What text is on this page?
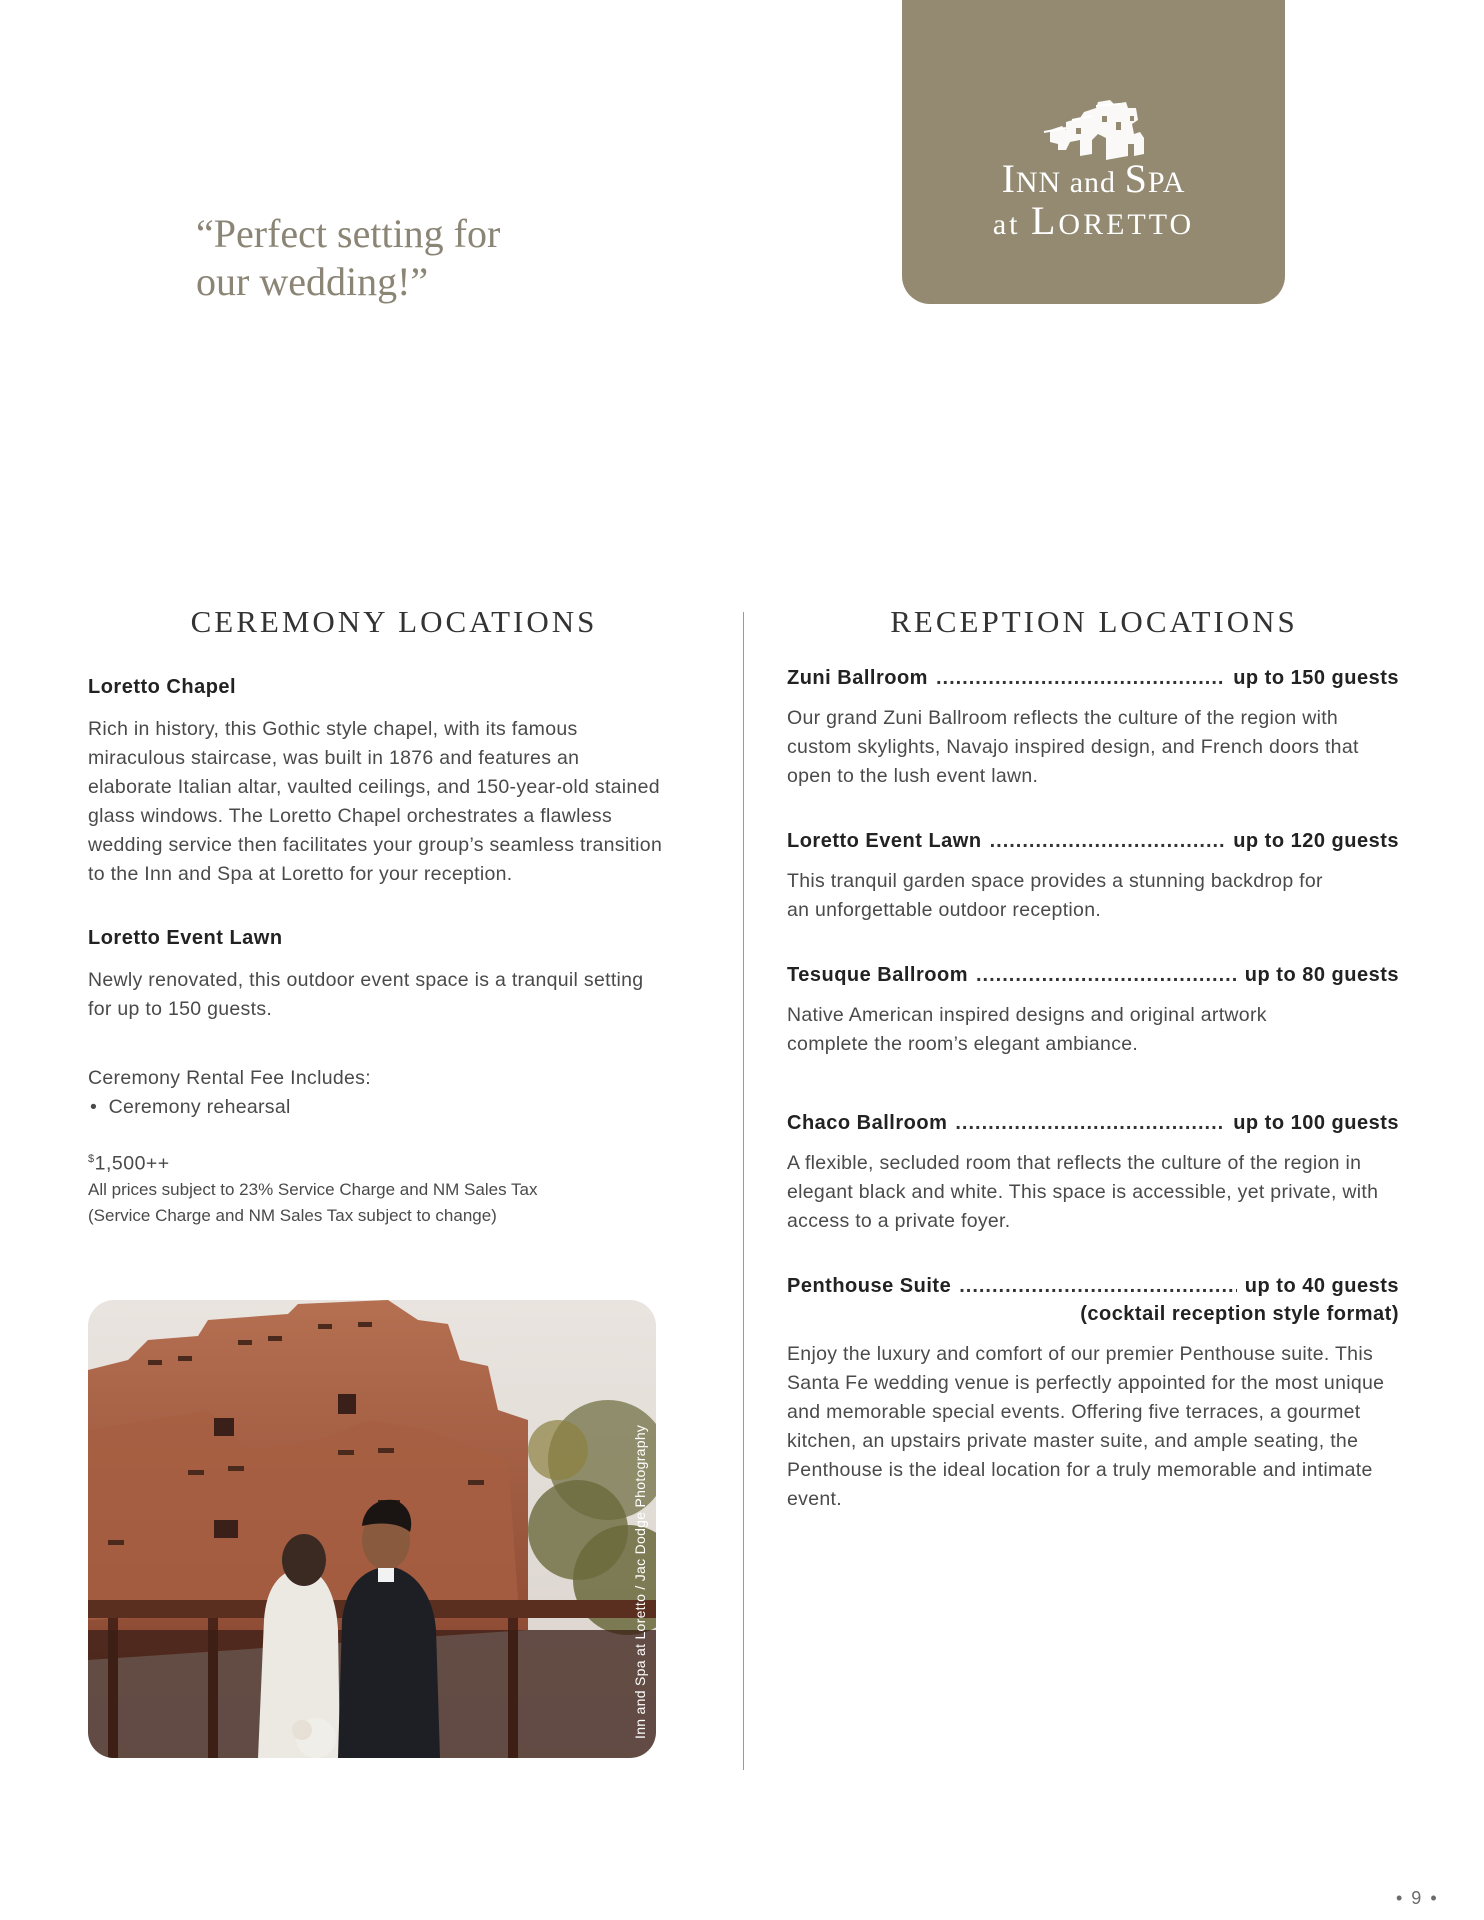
“Perfect setting for
our wedding!”
INN and SPA
at LORETTO
CEREMONY LOCATIONS	RECEPTION LOCATIONS
Loretto Chapel

Rich in history, this Gothic style chapel, with its famous miraculous staircase, was built in 1876 and features an elaborate Italian altar, vaulted ceilings, and 150-year-old stained glass windows. The Loretto Chapel orchestrates a flawless wedding service then facilitates your group’s seamless transition to the Inn and Spa at Loretto for your reception.

Loretto Event Lawn

Newly renovated, this outdoor event space is a tranquil setting for up to 150 guests.

Ceremony Rental Fee Includes:
•  Ceremony rehearsal
$1,500++
All prices subject to 23% Service Charge and NM Sales Tax
(Service Charge and NM Sales Tax subject to change)
Zuni Ballroom .....	up to 150 guests

Our grand Zuni Ballroom reflects the culture of the region with custom skylights, Navajo inspired design, and French doors that open to the lush event lawn.

Loretto Event Lawn .....	up to 120 guests

This tranquil garden space provides a stunning backdrop for an unforgettable outdoor reception.

Tesuque Ballroom .....	up to 80 guests

Native American inspired designs and original artwork complete the room’s elegant ambiance.

Chaco Ballroom .....	up to 100 guests

A flexible, secluded room that reflects the culture of the region in elegant black and white. This space is accessible, yet private, with access to a private foyer.

Penthouse Suite .....	up to 40 guests
(cocktail reception style format)

Enjoy the luxury and comfort of our premier Penthouse suite. This Santa Fe wedding venue is perfectly appointed for the most unique and memorable special events. Offering five terraces, a gourmet kitchen, an upstairs private master suite, and ample seating, the Penthouse is the ideal location for a truly memorable and intimate event.

Inn and Spa at Loretto / Jac Dodge Photography
• 9 •
